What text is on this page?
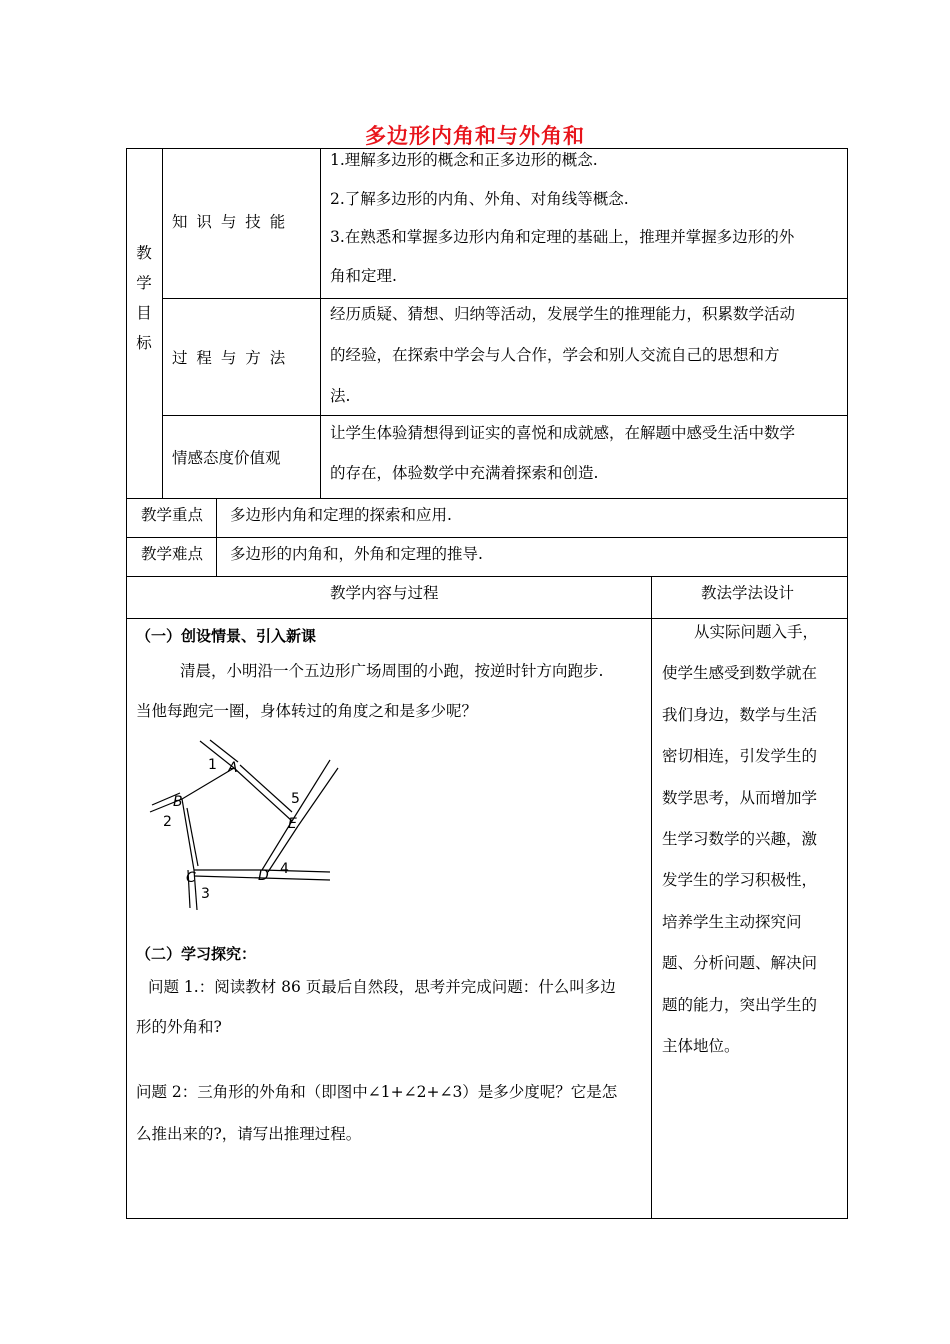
多边形内角和与外角和
教
学
目
标
知 识 与 技 能
过 程 与 方 法
情感态度价值观
1.理解多边形的概念和正多边形的概念.
2.了解多边形的内角、外角、对角线等概念.
3.在熟悉和掌握多边形内角和定理的基础上，推理并掌握多边形的外
角和定理.
经历质疑、猜想、归纳等活动，发展学生的推理能力，积累数学活动
的经验，在探索中学会与人合作，学会和别人交流自己的思想和方
法.
让学生体验猜想得到证实的喜悦和成就感，在解题中感受生活中数学
的存在，体验数学中充满着探索和创造.
教学重点 多边形内角和定理的探索和应用.
教学难点 多边形的内角和，外角和定理的推导.
教学内容与过程	教法学法设计
（一）创设情景、引入新课
清晨，小明沿一个五边形广场周围的小跑，按逆时针方向跑步.
当他每跑完一圈，身体转过的角度之和是多少呢？
A
B
C	D
E
1
2
3
4
5
（二）学习探究：
问题 1.：阅读教材 86 页最后自然段，思考并完成问题：什么叫多边
形的外角和?
问题 2：三角形的外角和（即图中∠1+∠2+∠3）是多少度呢？它是怎
么推出来的?，请写出推理过程。
从实际问题入手，
使学生感受到数学就在
我们身边，数学与生活
密切相连，引发学生的
数学思考，从而增加学
生学习数学的兴趣，激
发学生的学习积极性，
培养学生主动探究问
题、分析问题、解决问
题的能力，突出学生的
主体地位。
